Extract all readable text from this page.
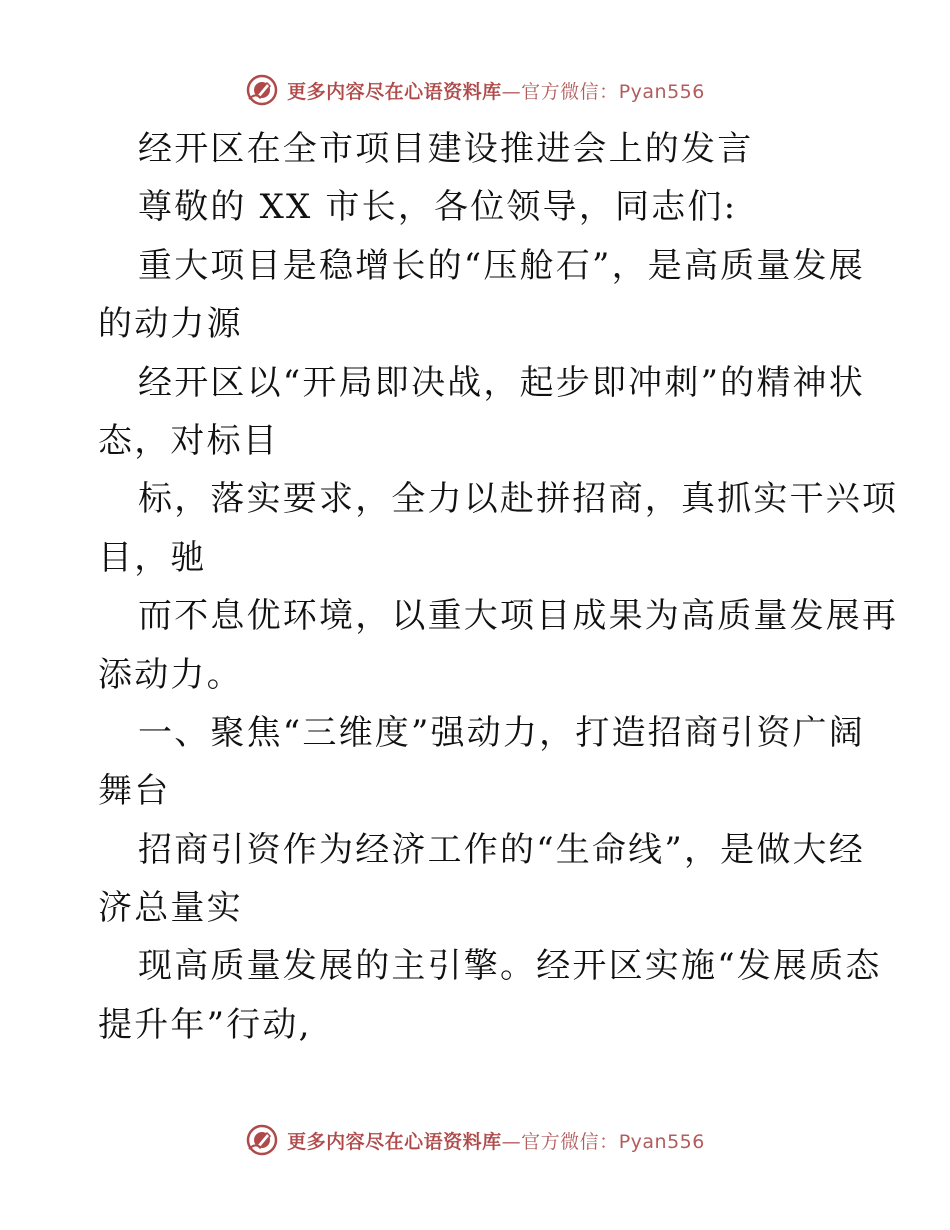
更多内容尽在心语资料库—官方微信：Pyan556
经开区在全市项目建设推进会上的发言
尊敬的 XX 市长，各位领导，同志们:
重大项目是稳增长的“压舱石”，是高质量发展
的动力源
经开区以“开局即决战，起步即冲刺”的精神状
态，对标目
标，落实要求，全力以赴拼招商，真抓实干兴项
目，驰
而不息优环境，以重大项目成果为高质量发展再
添动力。
一、聚焦“三维度”强动力，打造招商引资广阔
舞台
招商引资作为经济工作的“生命线”，是做大经
济总量实
现高质量发展的主引擎。经开区实施“发展质态
提升年”行动,
更多内容尽在心语资料库—官方微信：Pyan556
